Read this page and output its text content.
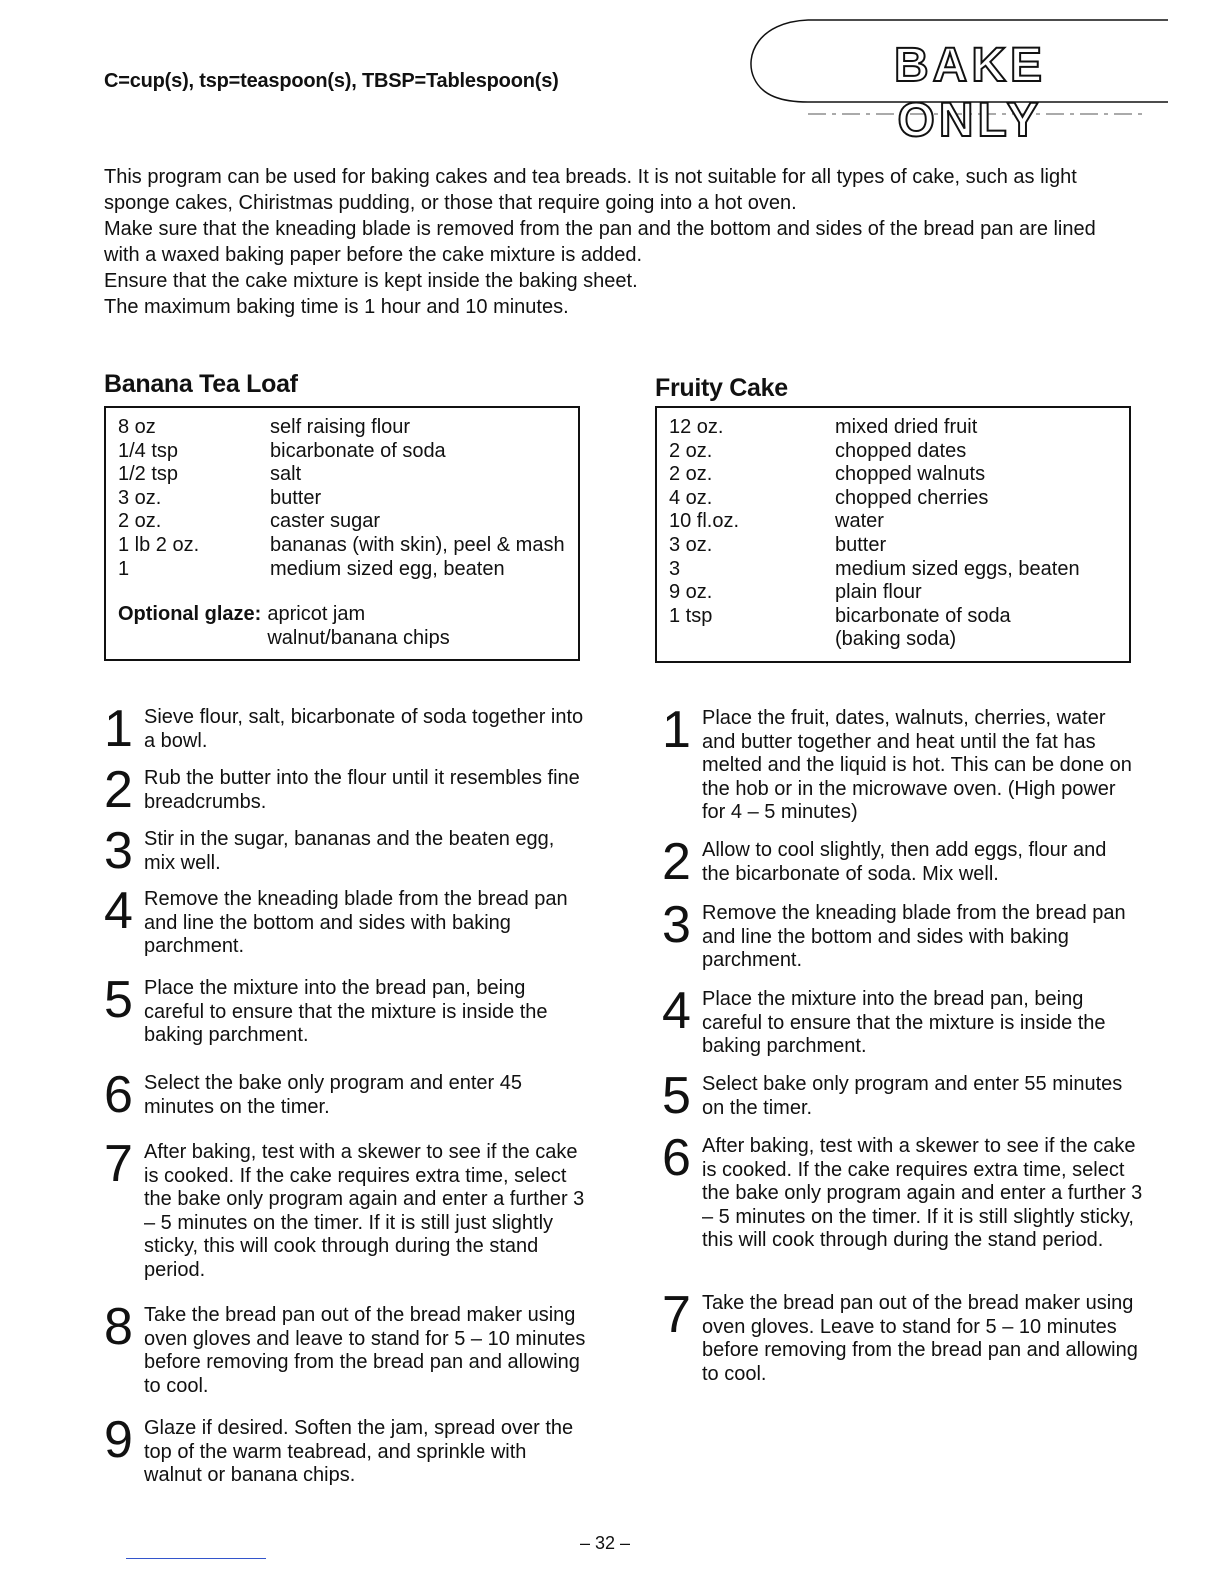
C=cup(s), tsp=teaspoon(s), TBSP=Tablespoon(s)	BAKE ONLY

This program can be used for baking cakes and tea breads. It is not suitable for all types of cake, such as light sponge cakes, Chiristmas pudding, or those that require going into a hot oven.

Make sure that the kneading blade is removed from the pan and the bottom and sides of the bread pan are lined with a waxed baking paper before the cake mixture is added.

Ensure that the cake mixture is kept inside the baking sheet.

The maximum baking time is 1 hour and 10 minutes.

Banana Tea Loaf
8 oz	self raising flour
1/4 tsp	bicarbonate of soda
1/2 tsp	salt
3 oz.	butter
2 oz.	caster sugar
1 lb 2 oz.	bananas (with skin), peel & mash
1	medium sized egg, beaten
Optional glaze: apricot jam
walnut/banana chips
1 Sieve flour, salt, bicarbonate of soda together into a bowl.
2 Rub the butter into the flour until it resembles fine breadcrumbs.
3 Stir in the sugar, bananas and the beaten egg, mix well.
4 Remove the kneading blade from the bread pan and line the bottom and sides with baking parchment.
5 Place the mixture into the bread pan, being careful to ensure that the mixture is inside the baking parchment.
6 Select the bake only program and enter 45 minutes on the timer.
7 After baking, test with a skewer to see if the cake is cooked. If the cake requires extra time, select the bake only program again and enter a further 3 – 5 minutes on the timer. If it is still just slightly sticky, this will cook through during the stand period.
8 Take the bread pan out of the bread maker using oven gloves and leave to stand for 5 – 10 minutes before removing from the bread pan and allowing to cool.
9 Glaze if desired. Soften the jam, spread over the top of the warm teabread, and sprinkle with walnut or banana chips.
Fruity Cake
12 oz.	mixed dried fruit
2 oz.	chopped dates
2 oz.	chopped walnuts
4 oz.	chopped cherries
10 fl.oz.	water
3 oz.	butter
3	medium sized eggs, beaten
9 oz.	plain flour
1 tsp	bicarbonate of soda
(baking soda)
1 Place the fruit, dates, walnuts, cherries, water and butter together and heat until the fat has melted and the liquid is hot. This can be done on the hob or in the microwave oven. (High power for 4 – 5 minutes)
2 Allow to cool slightly, then add eggs, flour and the bicarbonate of soda. Mix well.
3 Remove the kneading blade from the bread pan and line the bottom and sides with baking parchment.
4 Place the mixture into the bread pan, being careful to ensure that the mixture is inside the baking parchment.
5 Select bake only program and enter 55 minutes on the timer.
6 After baking, test with a skewer to see if the cake is cooked. If the cake requires extra time, select the bake only program again and enter a further 3 – 5 minutes on the timer. If it is still slightly sticky, this will cook through during the stand period.
7 Take the bread pan out of the bread maker using oven gloves. Leave to stand for 5 – 10 minutes before removing from the bread pan and allowing to cool.
– 32 –
